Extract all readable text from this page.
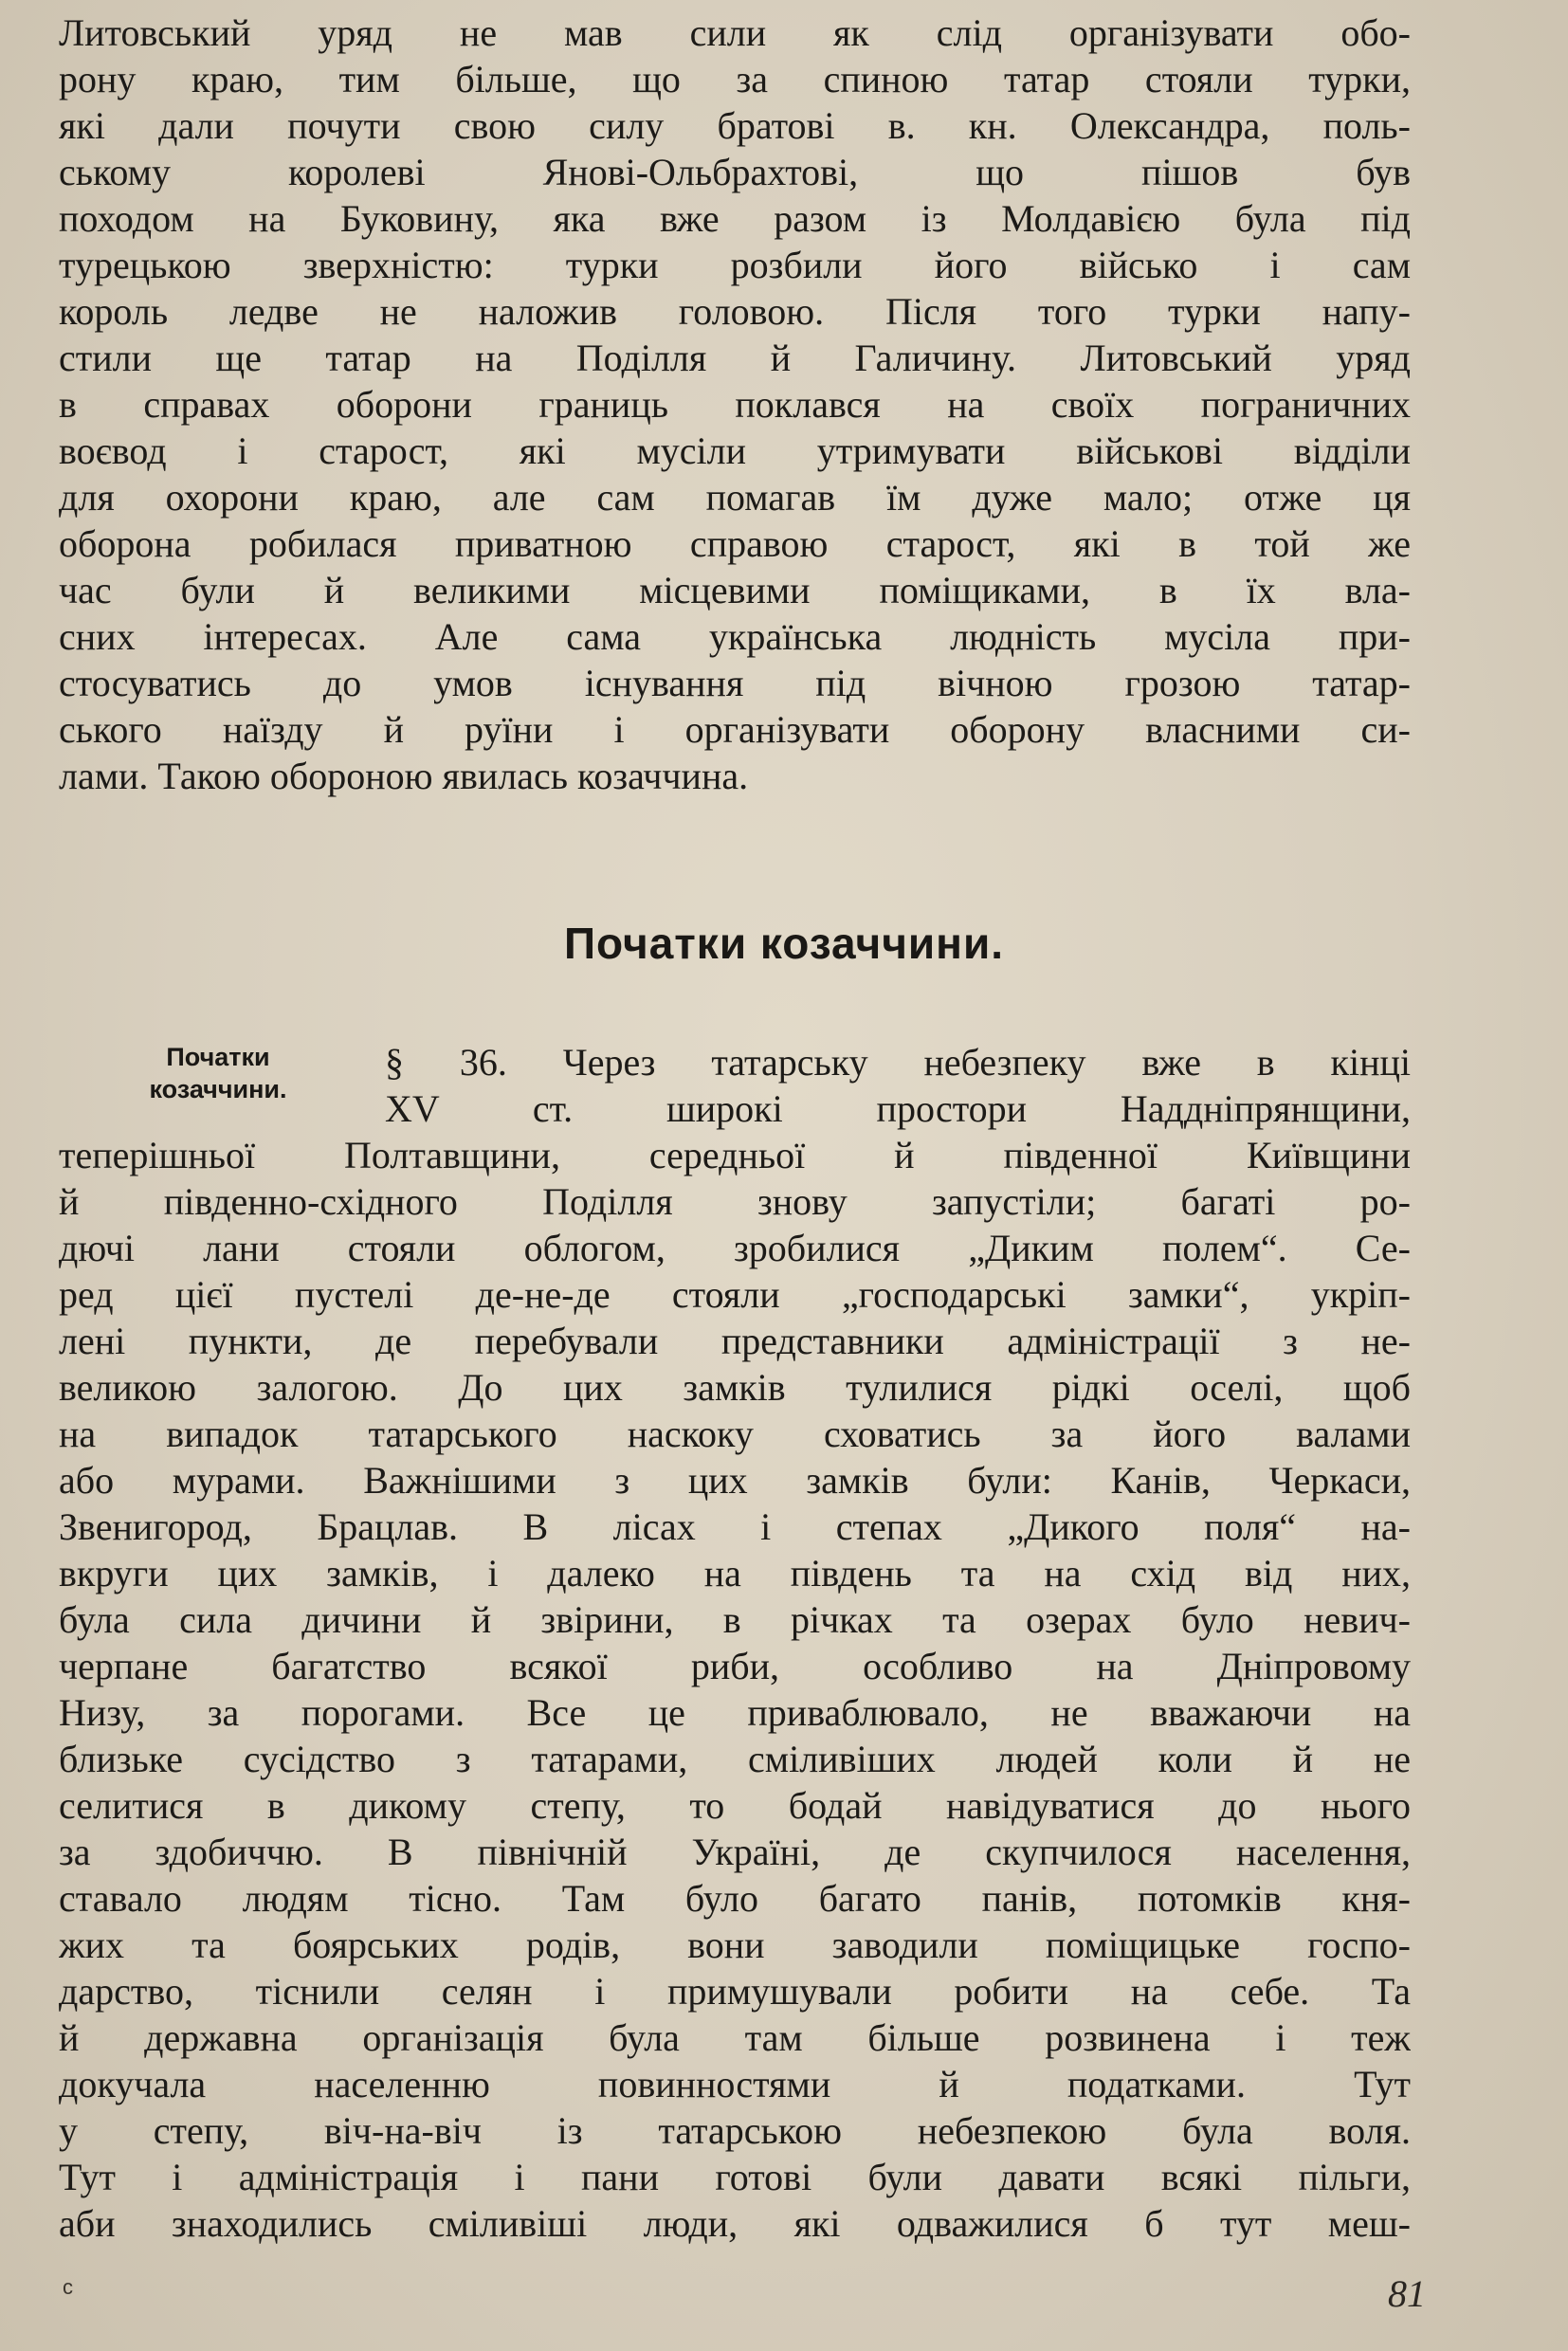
Литовський уряд не мав сили як слід організувати обо-
рону краю, тим більше, що за спиною татар стояли турки,
які дали почути свою силу братові в. кн. Олександра, поль-
ському королеві Янові-Ольбрахтові, що пішов був
походом на Буковину, яка вже разом із Молдавією була під
турецькою зверхністю: турки розбили його військо і сам
король ледве не наложив головою. Після того турки напу-
стили ще татар на Поділля й Галичину. Литовський уряд
в справах оборони границь поклався на своїх пограничних
воєвод і старост, які мусіли утримувати військові відділи
для охорони краю, але сам помагав їм дуже мало; отже ця
оборона робилася приватною справою старост, які в той же
час були й великими місцевими поміщиками, в їх вла-
сних інтересах. Але сама українська людність мусіла при-
стосуватись до умов існування під вічною грозою татар-
ського наїзду й руїни і організувати оборону власними си-
лами. Такою обороною явилась козаччина.
Початки козаччини.
Початки
козаччини.
§ 36. Через татарську небезпеку вже в кінці
XV ст. широкі простори Наддніпрянщини,
теперішньої Полтавщини, середньої й південної Київщини
й південно-східного Поділля знову запустіли; багаті ро-
дючі лани стояли облогом, зробилися „Диким полем“. Се-
ред цієї пустелі де-не-де стояли „господарські замки“, укріп-
лені пункти, де перебували представники адміністрації з не-
великою залогою. До цих замків тулилися рідкі оселі, щоб
на випадок татарського наскоку сховатись за його валами
або мурами. Важнішими з цих замків були: Канів, Черкаси,
Звенигород, Брацлав. В лісах і степах „Дикого поля“ на-
вкруги цих замків, і далеко на південь та на схід від них,
була сила дичини й звірини, в річках та озерах було невич-
черпане багатство всякої риби, особливо на Дніпровому
Низу, за порогами. Все це приваблювало, не вважаючи на
близьке сусідство з татарами, сміливіших людей коли й не
селитися в дикому степу, то бодай навідуватися до нього
за здобиччю. В північній Україні, де скупчилося населення,
ставало людям тісно. Там було багато панів, потомків кня-
жих та боярських родів, вони заводили поміщицьке госпо-
дарство, тіснили селян і примушували робити на себе. Та
й державна організація була там більше розвинена і теж
докучала населенню повинностями й податками. Тут
у степу, віч-на-віч із татарською небезпекою була воля.
Тут і адміністрація і пани готові були давати всякі пільги,
аби знаходились сміливіші люди, які одважилися б тут меш-
с	81
